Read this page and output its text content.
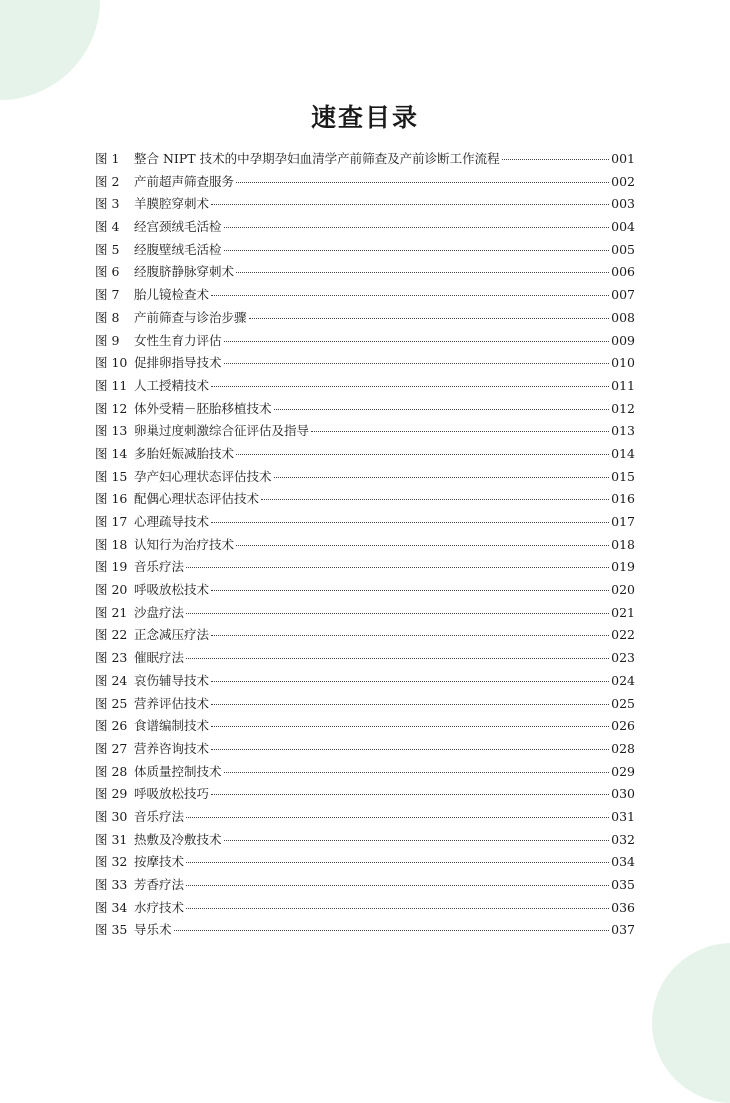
速查目录
图 1	整合 NIPT 技术的中孕期孕妇血清学产前筛查及产前诊断工作流程	001
图 2	产前超声筛查服务	002
图 3	羊膜腔穿刺术	003
图 4	经宫颈绒毛活检	004
图 5	经腹壁绒毛活检	005
图 6	经腹脐静脉穿刺术	006
图 7	胎儿镜检查术	007
图 8	产前筛查与诊治步骤	008
图 9	女性生育力评估	009
图 10 促排卵指导技术	010
图 11 人工授精技术	011
图 12 体外受精－胚胎移植技术	012
图 13 卵巢过度刺激综合征评估及指导	013
图 14 多胎妊娠减胎技术	014
图 15 孕产妇心理状态评估技术	015
图 16 配偶心理状态评估技术	016
图 17 心理疏导技术	017
图 18 认知行为治疗技术	018
图 19 音乐疗法	019
图 20 呼吸放松技术	020
图 21 沙盘疗法	021
图 22 正念减压疗法	022
图 23 催眠疗法	023
图 24 哀伤辅导技术	024
图 25 营养评估技术	025
图 26 食谱编制技术	026
图 27 营养咨询技术	028
图 28 体质量控制技术	029
图 29 呼吸放松技巧	030
图 30 音乐疗法	031
图 31 热敷及冷敷技术	032
图 32 按摩技术	034
图 33 芳香疗法	035
图 34 水疗技术	036
图 35 导乐术	037
